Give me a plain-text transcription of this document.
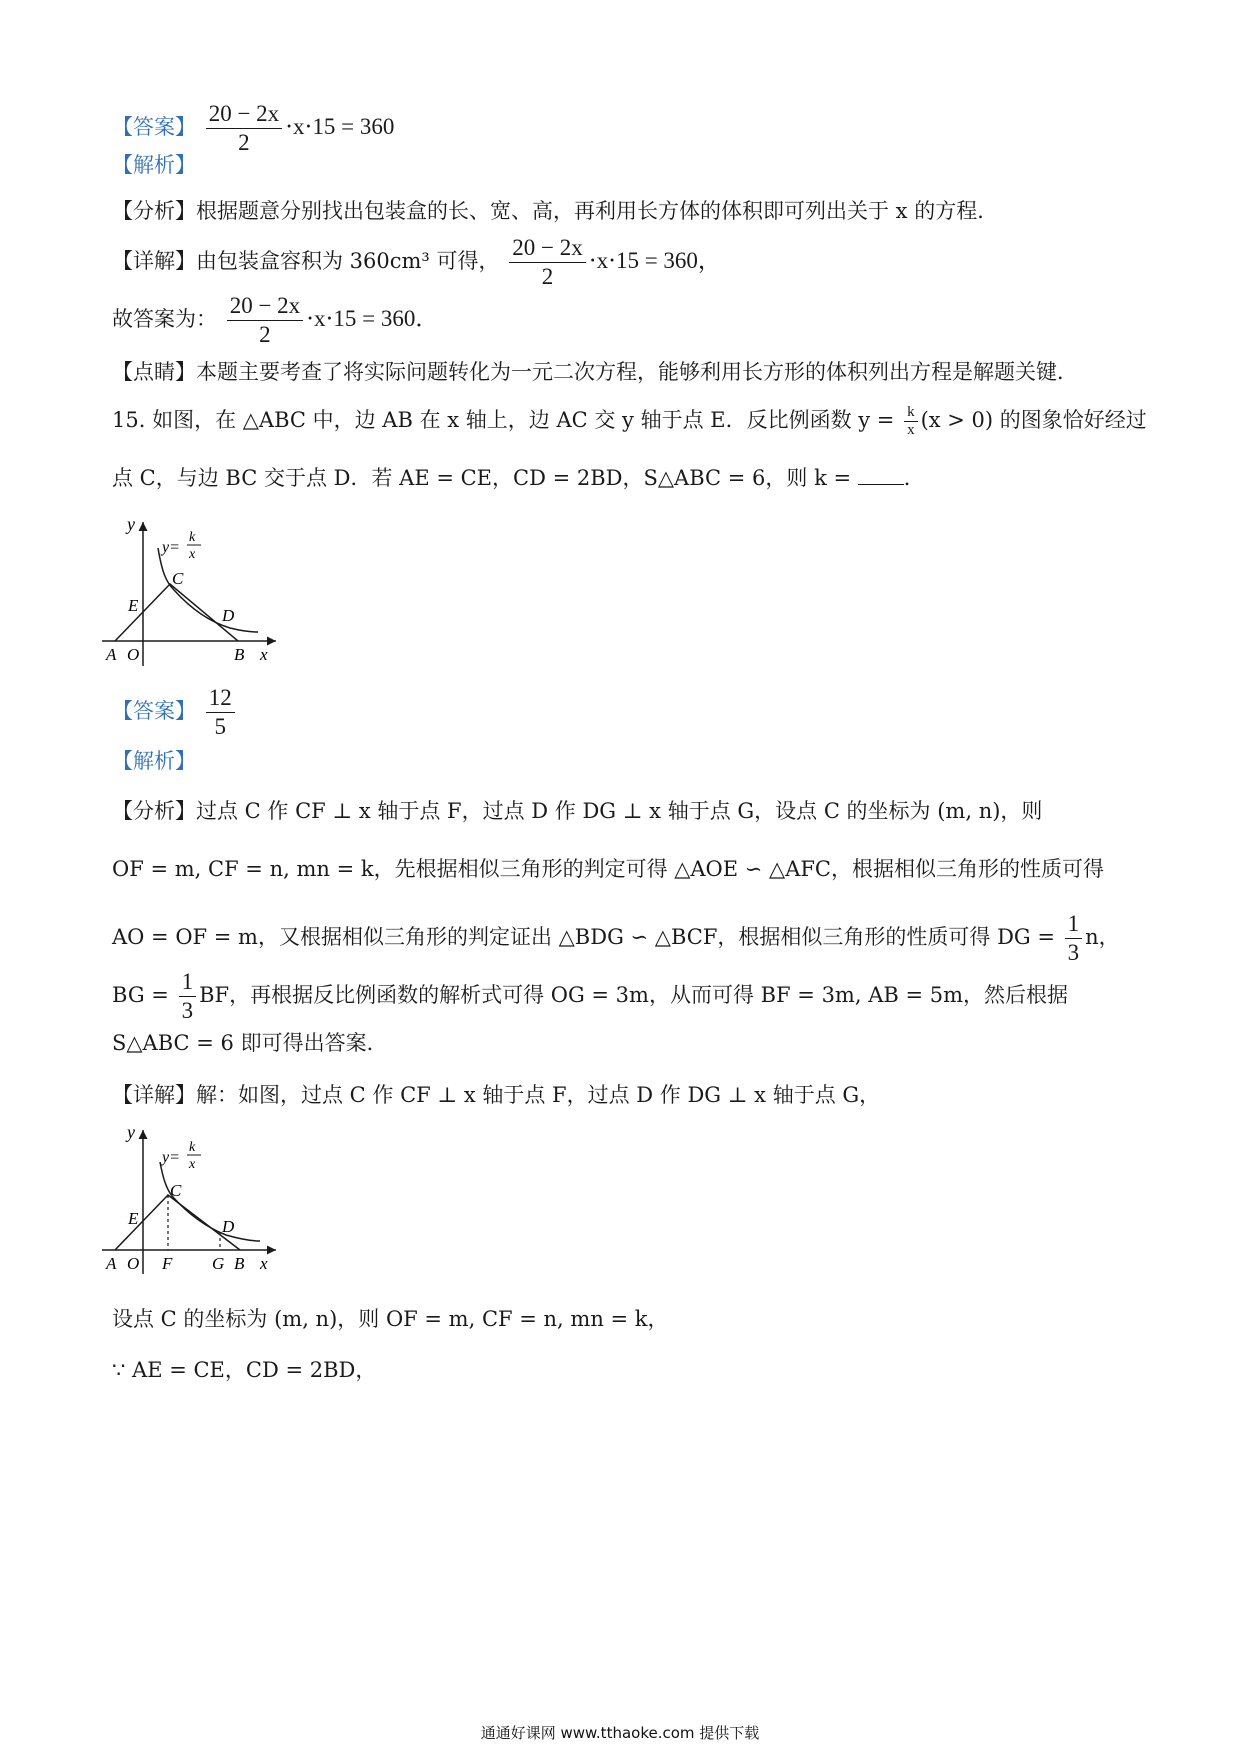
【答案】 $\frac{20 - 2x}{2} \cdot x\cdot 15 = 360$
【解析】
【分析】根据题意分别找出包装盒的长、宽、高，再利用长方体的体积即可列出关于 x 的方程．
【详解】由包装盒容积为 360cm³ 可得， $\frac{20 - 2x}{2} \cdot x\cdot 15 = 360$，
故答案为： $\frac{20 - 2x}{2} \cdot x\cdot 15 = 360$．
【点睛】本题主要考查了将实际问题转化为一元二次方程，能够利用长方形的体积列出方程是解题关键．
15. 如图，在 △ABC 中，边 AB 在 x 轴上，边 AC 交 y 轴于点 E．反比例函数 $y = \frac{k}{x} (x > 0)$ 的图象恰好经过
点 C，与边 BC 交于点 D．若 AE = CE，CD = 2BD，S△ABC = 6，则 k =	．
y
y=
k
x
C
E
D
A O	B x
【答案】 $\frac{12}{5}$
【解析】
【分析】过点 C 作 CF ⊥ x 轴于点 F，过点 D 作 DG ⊥ x 轴于点 G，设点 C 的坐标为 (m, n)，则
OF = m, CF = n, mn = k，先根据相似三角形的判定可得 △AOE ∽ △AFC，根据相似三角形的性质可得
AO = OF = m，又根据相似三角形的判定证出 △BDG ∽ △BCF，根据相似三角形的性质可得 DG = $\frac{1}{3}$ n，
BG = $\frac{1}{3}$ BF，再根据反比例函数的解析式可得 OG = 3m，从而可得 BF = 3m, AB = 5m，然后根据
S△ABC = 6 即可得出答案．
【详解】解：如图，过点 C 作 CF ⊥ x 轴于点 F，过点 D 作 DG ⊥ x 轴于点 G，
y
y=
k
x
C
E	D
A O F G B x
设点 C 的坐标为 (m, n)，则 OF = m, CF = n, mn = k，
∵ AE = CE，CD = 2BD，
通通好课网 www.tthaoke.com 提供下载
